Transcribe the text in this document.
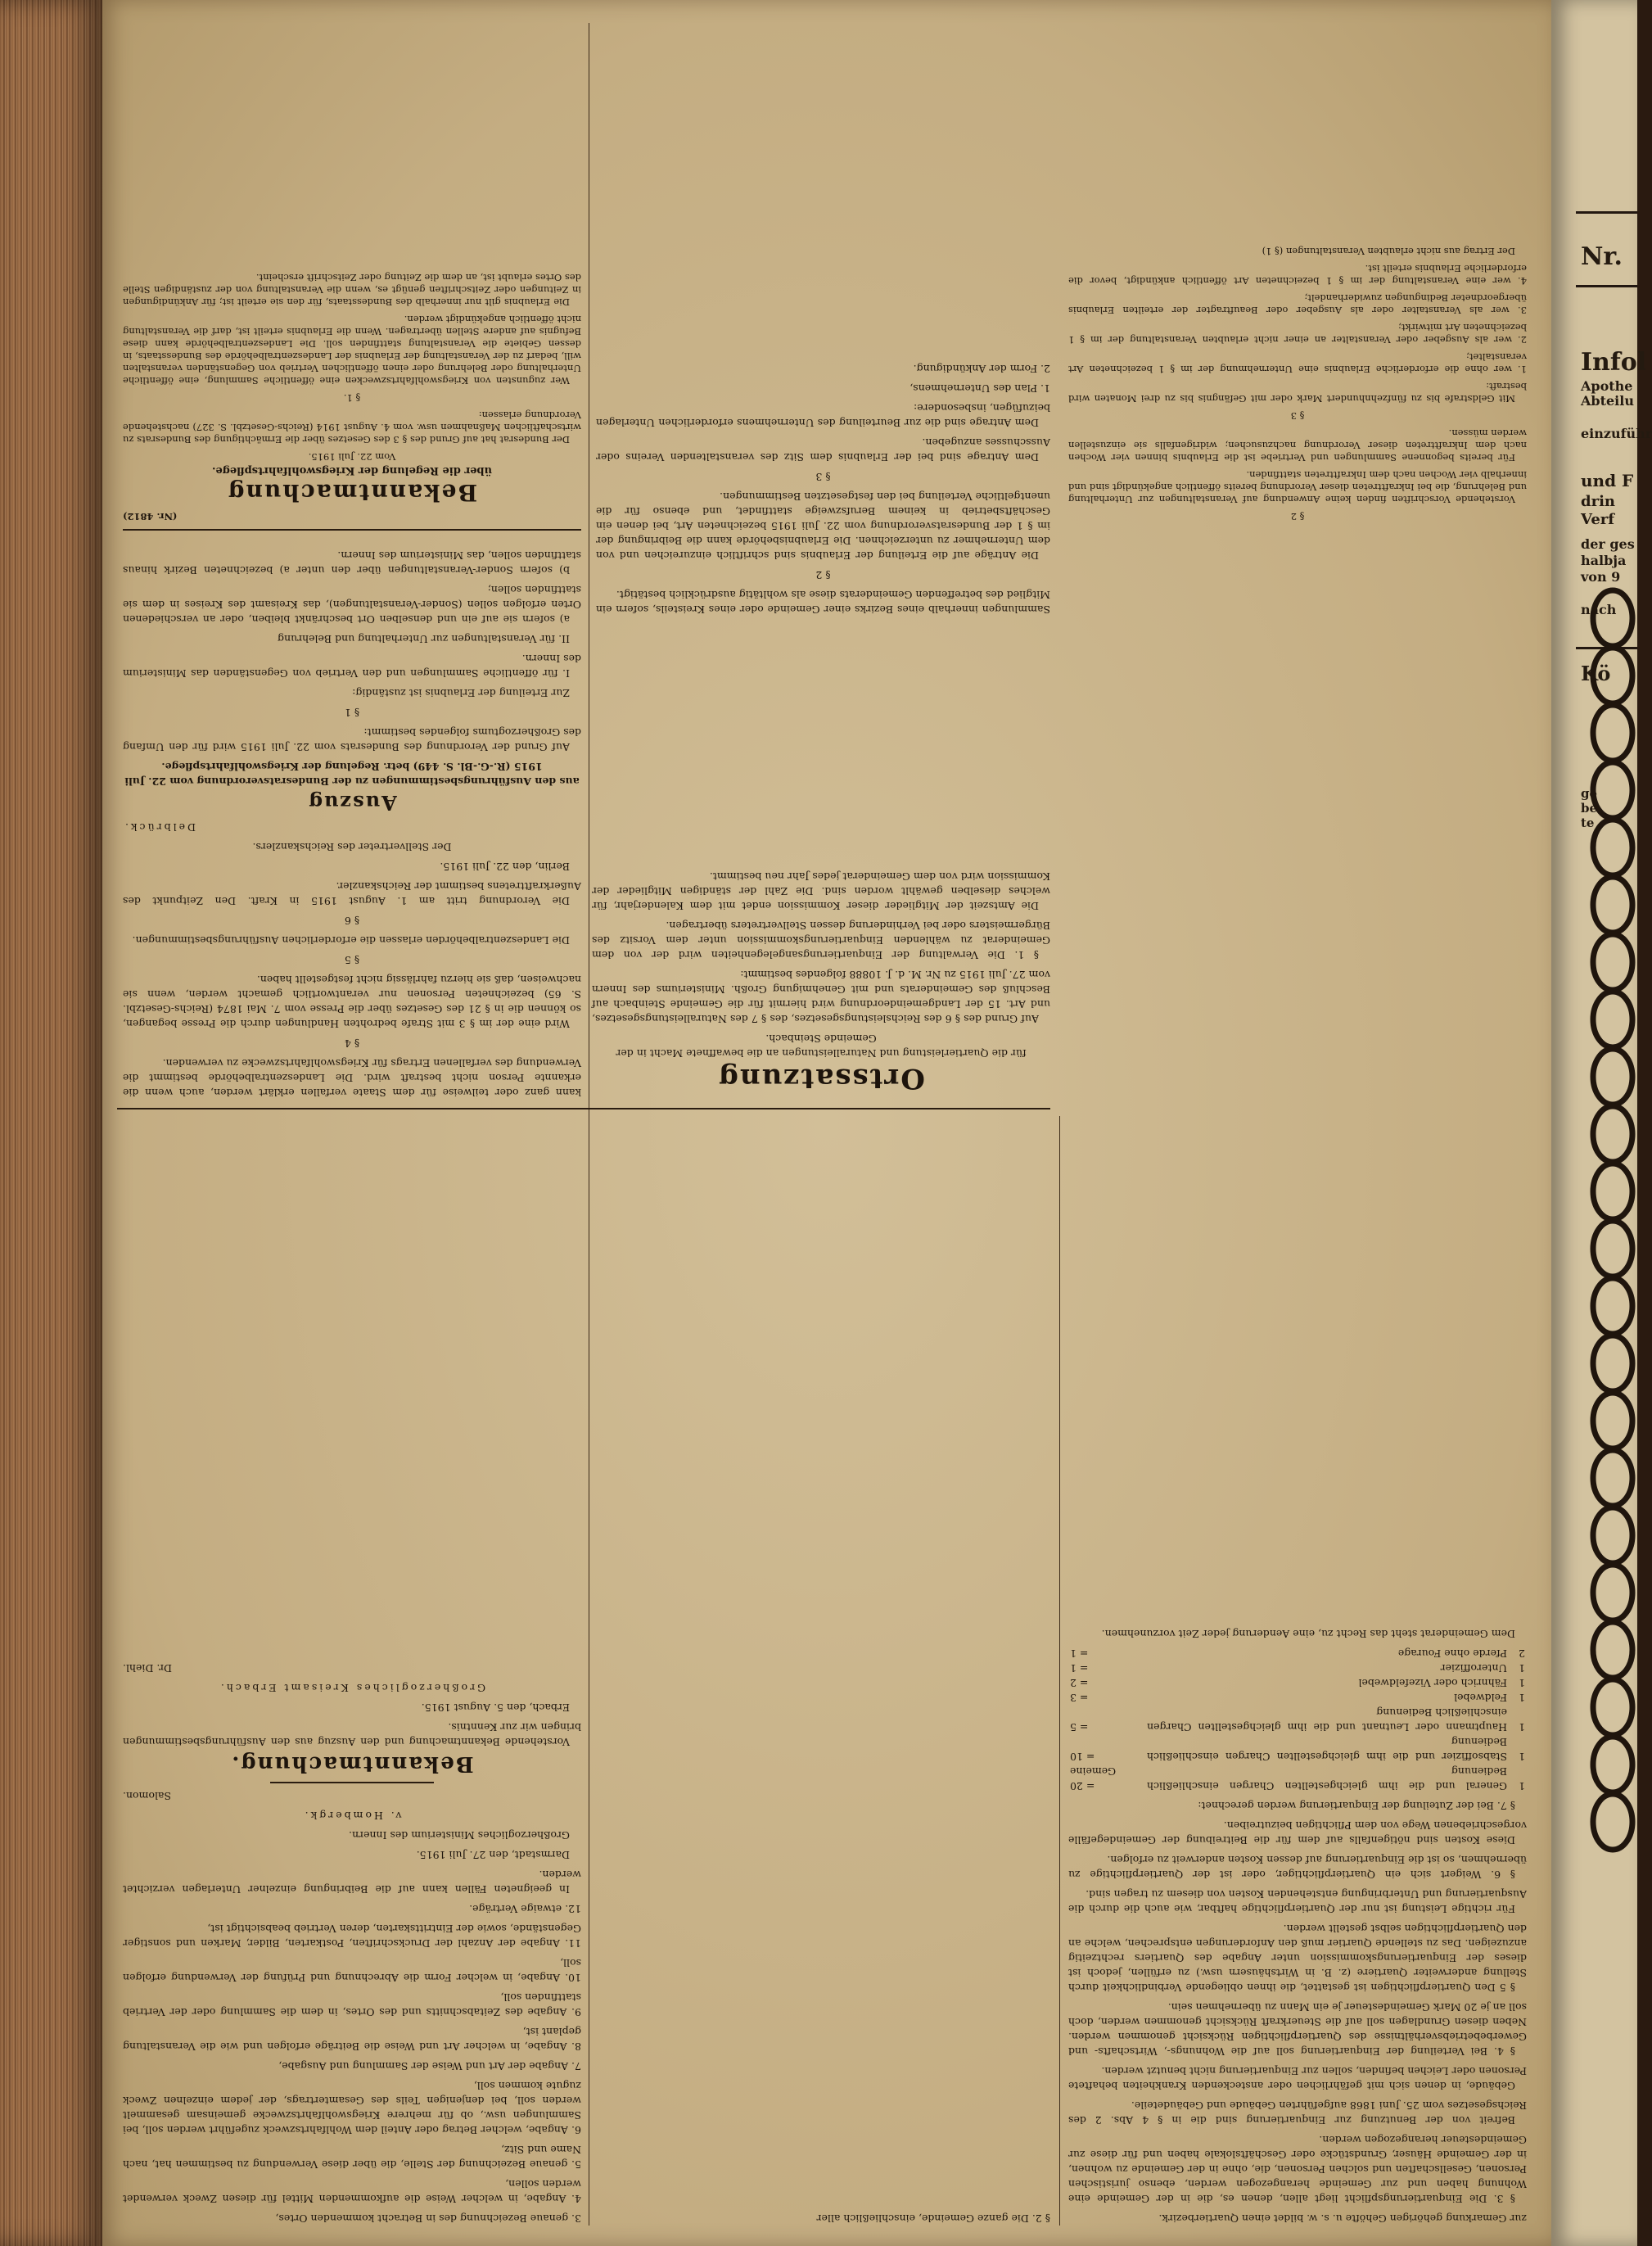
zur Gemarkung gehörigen Gehöfte u. s. w. bildet einen Quartierbezirk.

§ 3. Die Einquartierungspflicht liegt allen, denen es, die in der Gemeinde eine Wohnung haben und zur Gemeinde herangezogen werden, ebenso juristischen Personen, Gesellschaften und solchen Personen, die, ohne in der Gemeinde zu wohnen, in der Gemeinde Häuser, Grundstücke oder Geschäftslokale haben und für diese zur Gemeindesteuer herangezogen werden.

Befreit von der Benutzung zur Einquartierung sind die in § 4 Abs. 2 des Reichsgesetzes vom 25. Juni 1868 aufgeführten Gebäude und Gebäudeteile.

Gebäude, in denen sich mit gefährlichen oder ansteckenden Krankheiten behaftete Personen oder Leichen befinden, sollen zur Einquartierung nicht benutzt werden.

§ 4. Bei Verteilung der Einquartierung soll auf die Wohnungs-, Wirtschafts- und Gewerbebetriebsverhältnisse des Quartierpflichtigen Rücksicht genommen werden. Neben diesen Grundlagen soll auf die Steuerkraft Rücksicht genommen werden, doch soll an je 20 Mark Gemeindesteuer je ein Mann zu übernehmen sein.

§ 5 Den Quartierpflichtigen ist gestattet, die ihnen obliegende Verbindlichkeit durch Stellung anderweiter Quartiere (z. B. in Wirtshäusern usw.) zu erfüllen, jedoch ist dieses der Einquartierungskommission unter Angabe des Quartiers rechtzeitig anzuzeigen. Das zu stellende Quartier muß den Anforderungen entsprechen, welche an den Quartierpflichtigen selbst gestellt werden.

Für richtige Leistung ist nur der Quartierpflichtige haftbar, wie auch die durch die Ausquartierung und Unterbringung entstehenden Kosten von diesem zu tragen sind.

§ 6. Weigert sich ein Quartierpflichtiger, oder ist der Quartierpflichtige zu übernehmen, so ist die Einquartierung auf dessen Kosten anderweit zu erfolgen.

Diese Kosten sind nötigenfalls auf dem für die Beitreibung der Gemeindegefälle vorgeschriebenen Wege von dem Pflichtigen beizutreiben.

§ 7. Bei der Zuteilung der Einquartierung werden gerechnet:

1	General und die ihm gleichgestellten Chargen einschließlich Bedienung	= 20 Gemeine
1	Stabsoffizier und die ihm gleichgestellten Chargen einschließlich Bedienung	= 10
1	Hauptmann oder Leutnant und die ihm gleichgestellten Chargen einschließlich Bedienung	= 5
1	Feldwebel	= 3
1	Fähnrich oder Vizefeldwebel	= 2
1	Unteroffizier	= 1
2	Pferde ohne Fourage	= 1

Dem Gemeinderat steht das Recht zu, eine Aenderung jeder Zeit vorzunehmen.

§ 2. Die ganze Gemeinde, einschließlich aller

Ortssatzung

für die Quartierleistung und Naturalleistungen an die bewaffnete Macht in der Gemeinde Steinbach.

Auf Grund des § 6 des Reichsleistungsgesetzes, des § 7 des Naturalleistungsgesetzes, und Art. 15 der Landgemeindeordnung wird hiermit für die Gemeinde Steinbach auf Beschluß des Gemeinderats und mit Genehmigung Großh. Ministeriums des Innern vom 27. Juli 1915 zu Nr. M. d. J. 10888 folgendes bestimmt:

§ 1. Die Verwaltung der Einquartierungsangelegenheiten wird der von dem Gemeinderat zu wählenden Einquartierungskommission unter dem Vorsitz des Bürgermeisters oder bei Verhinderung dessen Stellvertreters übertragen.

Die Amtszeit der Mitglieder dieser Kommission endet mit dem Kalenderjahr, für welches dieselben gewählt worden sind. Die Zahl der ständigen Mitglieder der Kommission wird von dem Gemeinderat jedes Jahr neu bestimmt.

3. genaue Bezeichnung des in Betracht kommenden Ortes,

4. Angabe, in welcher Weise die aufkommenden Mittel für diesen Zweck verwendet werden sollen,

5. genaue Bezeichnung der Stelle, die über diese Verwendung zu bestimmen hat, nach Name und Sitz,

6. Angabe, welcher Betrag oder Anteil dem Wohlfahrtszweck zugeführt werden soll, bei Sammlungen usw., ob für mehrere Kriegswohlfahrtszwecke gemeinsam gesammelt werden soll, bei denjenigen Teils des Gesamtertrags, der jedem einzelnen Zweck zugute kommen soll,

7. Angabe der Art und Weise der Sammlung und Ausgabe,

8. Angabe, in welcher Art und Weise die Beiträge erfolgen und wie die Veranstaltung geplant ist,

9. Angabe des Zeitabschnitts und des Ortes, in dem die Sammlung oder der Vertrieb stattfinden soll,

10. Angabe, in welcher Form die Abrechnung und Prüfung der Verwendung erfolgen soll,

11. Angabe der Anzahl der Druckschriften, Postkarten, Bilder, Marken und sonstiger Gegenstände, sowie der Eintrittskarten, deren Vertrieb beabsichtigt ist,

12. etwaige Verträge.

In geeigneten Fällen kann auf die Beibringung einzelner Unterlagen verzichtet werden.

Darmstadt, den 27. Juli 1915.

Großherzogliches Ministerium des Innern.

v. Hombergk.

Salomon.

Bekanntmachung.

Vorstehende Bekanntmachung und den Auszug aus den Ausführungsbestimmungen bringen wir zur Kenntnis.

Erbach, den 5. August 1915.

Großherzogliches Kreisamt Erbach.

Dr. Diehl.

Sammlungen innerhalb eines Bezirks einer Gemeinde oder eines Kreisteils, sofern ein Mitglied des betreffenden Gemeinderats diese als wohltätig ausdrücklich bestätigt.

§ 2

Die Anträge auf die Erteilung der Erlaubnis sind schriftlich einzureichen und von dem Unternehmer zu unterzeichnen. Die Erlaubnisbehörde kann die Beibringung der im § 1 der Bundesratsverordnung vom 22. Juli 1915 bezeichneten Art, bei denen ein Geschäftsbetrieb in keinem Berufszweige stattfindet, und ebenso für die unentgeltliche Verteilung bei den festgesetzten Bestimmungen.

§ 3

Dem Antrage sind bei der Erlaubnis dem Sitz des veranstaltenden Vereins oder Ausschusses anzugeben.

Dem Antrage sind die zur Beurteilung des Unternehmens erforderlichen Unterlagen beizufügen, insbesondere:

1. Plan des Unternehmens,

2. Form der Ankündigung.

kann ganz oder teilweise für dem Staate verfallen erklärt werden, auch wenn die erkannte Person nicht bestraft wird. Die Landeszentralbehörde bestimmt die Verwendung des verfallenen Ertrags für Kriegswohlfahrtszwecke zu verwenden.

§ 4

Wird eine der im § 3 mit Strafe bedrohten Handlungen durch die Presse begangen, so können die in § 21 des Gesetzes über die Presse vom 7. Mai 1874 (Reichs-Gesetzbl. S. 65) bezeichneten Personen nur verantwortlich gemacht werden, wenn sie nachweisen, daß sie hierzu fahrlässig nicht festgestellt haben.

§ 5

Die Landeszentralbehörden erlassen die erforderlichen Ausführungsbestimmungen.

§ 6

Die Verordnung tritt am 1. August 1915 in Kraft. Den Zeitpunkt des Außerkrafttretens bestimmt der Reichskanzler.

Berlin, den 22. Juli 1915.

Der Stellvertreter des Reichskanzlers.

Delbrück.

Auszug

aus den Ausführungsbestimmungen zu der Bundesratsverordnung vom 22. Juli 1915 (R.-G.-Bl. S. 449) betr. Regelung der Kriegswohlfahrtspflege.

Auf Grund der Verordnung des Bundesrats vom 22. Juli 1915 wird für den Umfang des Großherzogtums folgendes bestimmt:

§ 1

Zur Erteilung der Erlaubnis ist zuständig:

I. für öffentliche Sammlungen und den Vertrieb von Gegenständen das Ministerium des Innern.

II. für Veranstaltungen zur Unterhaltung und Belehrung

a) sofern sie auf ein und denselben Ort beschränkt bleiben, oder an verschiedenen Orten erfolgen sollen (Sonder-Veranstaltungen), das Kreisamt des Kreises in dem sie stattfinden sollen;

b) sofern Sonder-Veranstaltungen über den unter a) bezeichneten Bezirk hinaus stattfinden sollen, das Ministerium des Innern.

(Nr. 4812)

Bekanntmachung
über die Regelung der Kriegswohlfahrtspflege.

Vom 22. Juli 1915.

Der Bundesrat hat auf Grund des § 3 des Gesetzes über die Ermächtigung des Bundesrats zu wirtschaftlichen Maßnahmen usw. vom 4. August 1914 (Reichs-Gesetzbl. S. 327) nachstehende Verordnung erlassen:

§ 1.

Wer zugunsten von Kriegswohlfahrtszwecken eine öffentliche Sammlung, eine öffentliche Unterhaltung oder Belehrung oder einen öffentlichen Vertrieb von Gegenständen veranstalten will, bedarf zu der Veranstaltung der Erlaubnis der Landeszentralbehörde des Bundesstaats, in dessen Gebiete die Veranstaltung stattfinden soll. Die Landeszentralbehörde kann diese Befugnis auf andere Stellen übertragen. Wenn die Erlaubnis erteilt ist, darf die Veranstaltung nicht öffentlich angekündigt werden.

Die Erlaubnis gilt nur innerhalb des Bundesstaats, für den sie erteilt ist; für Ankündigungen in Zeitungen oder Zeitschriften genügt es, wenn die Veranstaltung von der zuständigen Stelle des Ortes erlaubt ist, an dem die Zeitung oder Zeitschrift erscheint.

Nr.
Infol
Apothe
Abteilu
einzuführ
und F
drin
Verf
der ges
halbja
von 9
nach
Kö
ge
be
te

§ 2

Vorstehende Vorschriften finden keine Anwendung auf Veranstaltungen zur Unterhaltung und Belehrung, die bei Inkrafttreten dieser Verordnung bereits öffentlich angekündigt sind und innerhalb vier Wochen nach dem Inkrafttreten stattfinden.

Für bereits begonnene Sammlungen und Vertriebe ist die Erlaubnis binnen vier Wochen nach dem Inkrafttreten dieser Verordnung nachzusuchen; widrigenfalls sie einzustellen werden müssen.

§ 3

Mit Geldstrafe bis zu fünfzehnhundert Mark oder mit Gefängnis bis zu drei Monaten wird bestraft:

1. wer ohne die erforderliche Erlaubnis eine Unternehmung der im § 1 bezeichneten Art veranstaltet;

2. wer als Ausgeber oder Veranstalter an einer nicht erlaubten Veranstaltung der im § 1 bezeichneten Art mitwirkt;

3. wer als Veranstalter oder als Ausgeber oder Beauftragter der erteilten Erlaubnis übergeordneter Bedingungen zuwiderhandelt;

4. wer eine Veranstaltung der im § 1 bezeichneten Art öffentlich ankündigt, bevor die erforderliche Erlaubnis erteilt ist.

Der Ertrag aus nicht erlaubten Veranstaltungen (§ 1)
